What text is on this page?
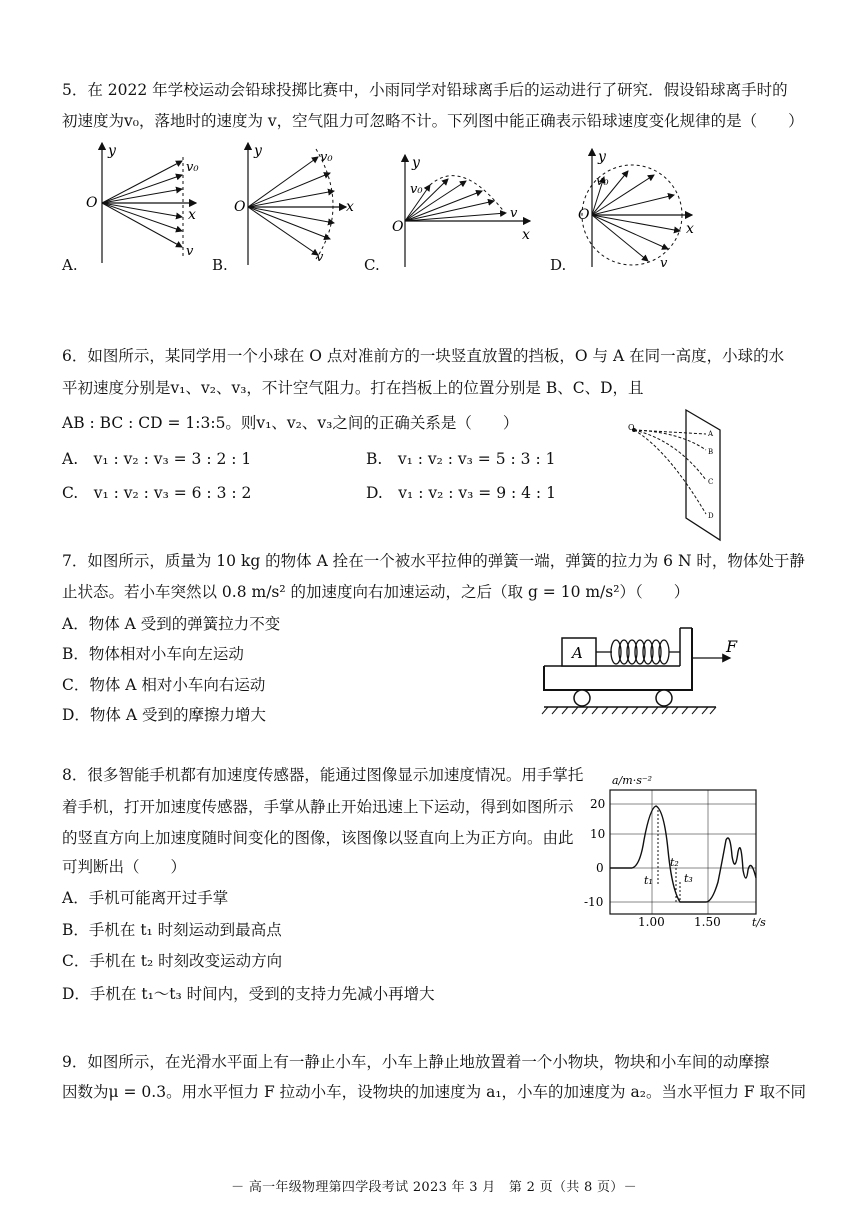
5．在 2022 年学校运动会铅球投掷比赛中，小雨同学对铅球离手后的运动进行了研究．假设铅球离手时的
初速度为v₀，落地时的速度为 v，空气阻力可忽略不计。下列图中能正确表示铅球速度变化规律的是（　　）
y
O
x
v₀
v
y
O	x
v₀
v
y
O	x
v₀
v
y
O
x
v₀
v
A.	B.	C.	D.
6．如图所示，某同学用一个小球在 O 点对准前方的一块竖直放置的挡板，O 与 A 在同一高度，小球的水
平初速度分别是v₁、v₂、v₃，不计空气阻力。打在挡板上的位置分别是 B、C、D，且
AB : BC : CD = 1:3:5。则v₁、v₂、v₃之间的正确关系是（　　）
A.　v₁ : v₂ : v₃ = 3 : 2 : 1	B.　v₁ : v₂ : v₃ = 5 : 3 : 1
C.　v₁ : v₂ : v₃ = 6 : 3 : 2	D.　v₁ : v₂ : v₃ = 9 : 4 : 1
O
A
B
C
D
7．如图所示，质量为 10 kg 的物体 A 拴在一个被水平拉伸的弹簧一端，弹簧的拉力为 6 N 时，物体处于静
止状态。若小车突然以 0.8 m/s² 的加速度向右加速运动，之后（取 g = 10 m/s²）（　　）
A．物体 A 受到的弹簧拉力不变
B．物体相对小车向左运动
C．物体 A 相对小车向右运动
D．物体 A 受到的摩擦力增大
A	F
8．很多智能手机都有加速度传感器，能通过图像显示加速度情况。用手掌托
着手机，打开加速度传感器，手掌从静止开始迅速上下运动，得到如图所示
的竖直方向上加速度随时间变化的图像，该图像以竖直向上为正方向。由此
可判断出（　　）
A．手机可能离开过手掌
B．手机在 t₁ 时刻运动到最高点
C．手机在 t₂ 时刻改变运动方向
D．手机在 t₁～t₃ 时间内，受到的支持力先减小再增大
a/m·s⁻²
20
10
0
-10
1.00 1.50	t/s
t₁
t₂
t₃
9．如图所示，在光滑水平面上有一静止小车，小车上静止地放置着一个小物块，物块和小车间的动摩擦
因数为μ = 0.3。用水平恒力 F 拉动小车，设物块的加速度为 a₁，小车的加速度为 a₂。当水平恒力 F 取不同
－ 高一年级物理第四学段考试 2023 年 3 月　第 2 页（共 8 页）－
